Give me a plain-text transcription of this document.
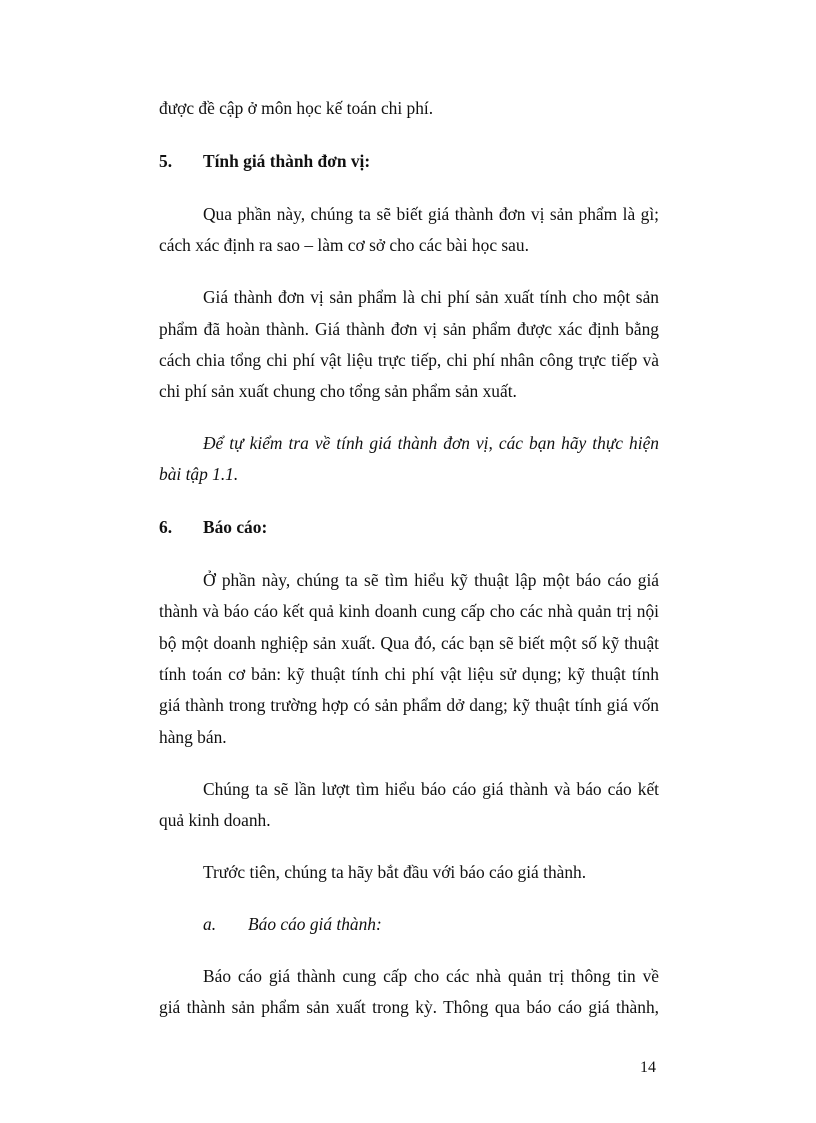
được đề cập ở môn học kế toán chi phí.
5. Tính giá thành đơn vị:
Qua phần này, chúng ta sẽ biết giá thành đơn vị sản phẩm là gì;
cách xác định ra sao – làm cơ sở cho các bài học sau.
Giá thành đơn vị sản phẩm là chi phí sản xuất tính cho một sản
phẩm đã hoàn thành. Giá thành đơn vị sản phẩm được xác định bằng
cách chia tổng chi phí vật liệu trực tiếp, chi phí nhân công trực tiếp và
chi phí sản xuất chung cho tổng sản phẩm sản xuất.
Để tự kiểm tra về tính giá thành đơn vị, các bạn hãy thực hiện
bài tập 1.1.
6. Báo cáo:
Ở phần này, chúng ta sẽ tìm hiểu kỹ thuật lập một báo cáo giá
thành và báo cáo kết quả kinh doanh cung cấp cho các nhà quản trị nội
bộ một doanh nghiệp sản xuất. Qua đó, các bạn sẽ biết một số kỹ thuật
tính toán cơ bản: kỹ thuật tính chi phí vật liệu sử dụng; kỹ thuật tính
giá thành trong trường hợp có sản phẩm dở dang; kỹ thuật tính giá vốn
hàng bán.
Chúng ta sẽ lần lượt tìm hiểu báo cáo giá thành và báo cáo kết
quả kinh doanh.
Trước tiên, chúng ta hãy bắt đầu với báo cáo giá thành.
a. Báo cáo giá thành:
Báo cáo giá thành cung cấp cho các nhà quản trị thông tin về
giá thành sản phẩm sản xuất trong kỳ. Thông qua báo cáo giá thành,
14
